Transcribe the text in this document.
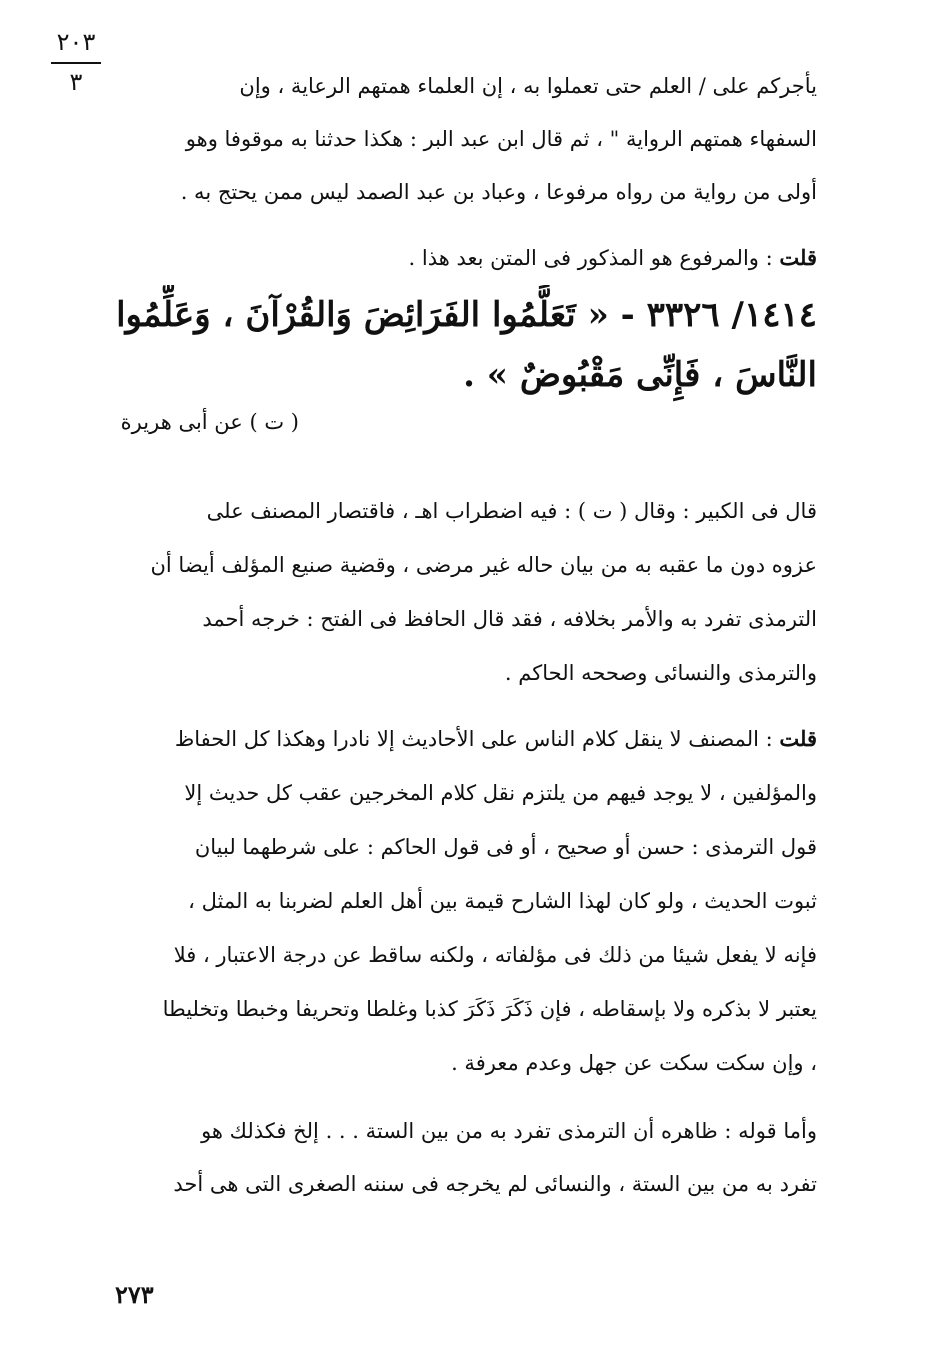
٢٠٣
٣	يأجركم على / العلم حتى تعملوا به ، إن العلماء همتهم الرعاية ، وإن
السفهاء همتهم الرواية " ، ثم قال ابن عبد البر : هكذا حدثنا به موقوفا وهو
أولى من رواية من رواه مرفوعا ، وعباد بن عبد الصمد ليس ممن يحتج به .
قلت : والمرفوع هو المذكور فى المتن بعد هذا .
١٤١٤/ ٣٣٢٦ - « تَعَلَّمُوا الفَرَائِضَ وَالقُرْآنَ ، وَعَلِّمُوا
النَّاسَ ، فَإِنِّى مَقْبُوضٌ » .
( ت ) عن أبى هريرة
قال فى الكبير : وقال ( ت ) : فيه اضطراب اهـ ، فاقتصار المصنف على
عزوه دون ما عقبه به من بيان حاله غير مرضى ، وقضية صنيع المؤلف أيضا أن
الترمذى تفرد به والأمر بخلافه ، فقد قال الحافظ فى الفتح : خرجه أحمد
والترمذى والنسائى وصححه الحاكم .
قلت : المصنف لا ينقل كلام الناس على الأحاديث إلا نادرا وهكذا كل الحفاظ
والمؤلفين ، لا يوجد فيهم من يلتزم نقل كلام المخرجين عقب كل حديث إلا
قول الترمذى : حسن أو صحيح ، أو فى قول الحاكم : على شرطهما لبيان
ثبوت الحديث ، ولو كان لهذا الشارح قيمة بين أهل العلم لضربنا به المثل ،
فإنه لا يفعل شيئا من ذلك فى مؤلفاته ، ولكنه ساقط عن درجة الاعتبار ، فلا
يعتبر لا بذكره ولا بإسقاطه ، فإن ذَكَرَ ذَكَرَ كذبا وغلطا وتحريفا وخبطا وتخليطا
، وإن سكت سكت عن جهل وعدم معرفة .
وأما قوله : ظاهره أن الترمذى تفرد به من بين الستة . . . إلخ فكذلك هو
تفرد به من بين الستة ، والنسائى لم يخرجه فى سننه الصغرى التى هى أحد
٢٧٣
